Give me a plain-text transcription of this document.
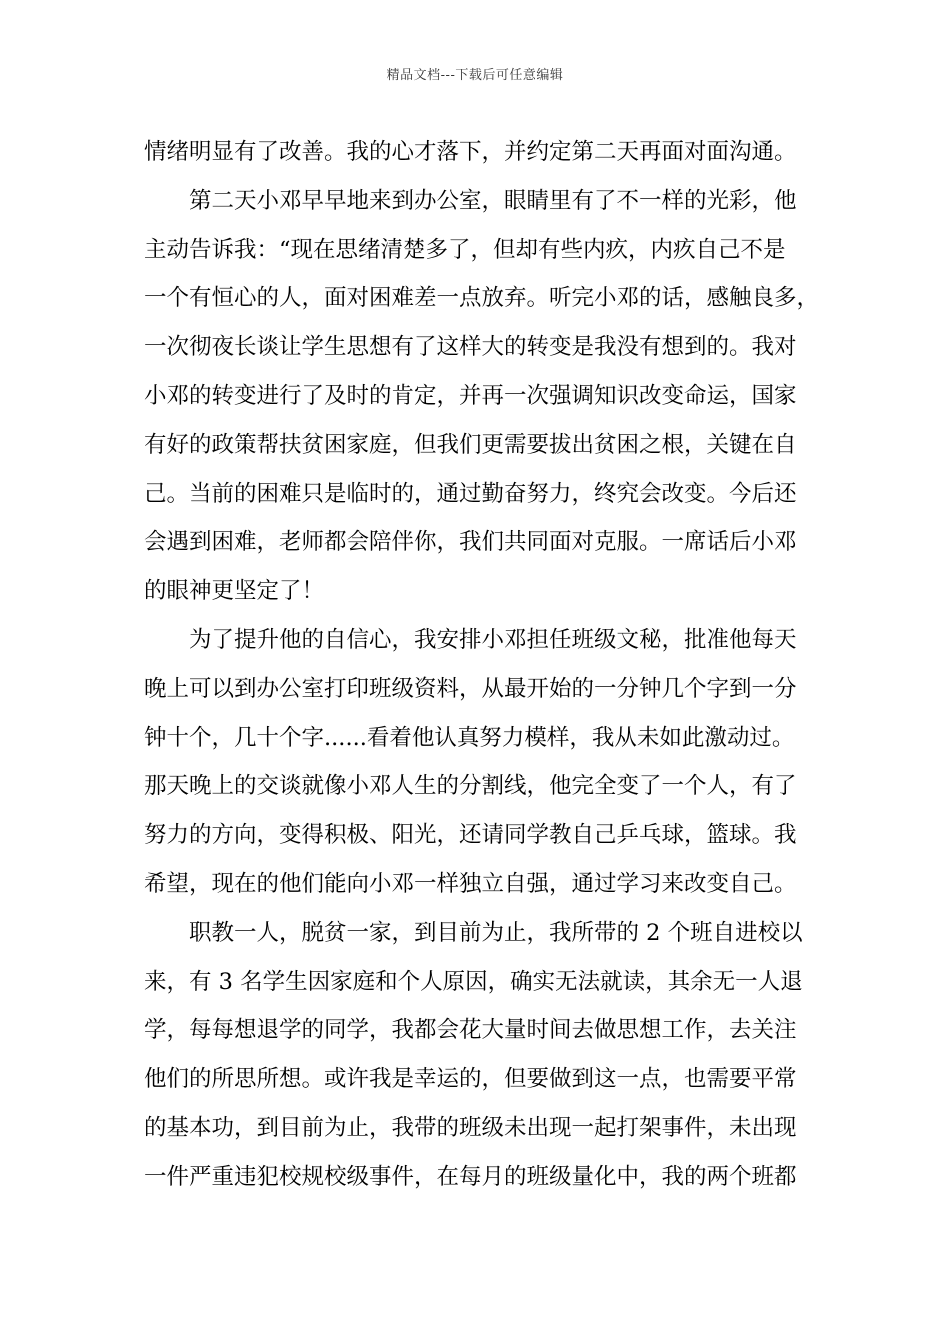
精品文档---下载后可任意编辑
情绪明显有了改善。我的心才落下，并约定第二天再面对面沟通。
第二天小邓早早地来到办公室，眼睛里有了不一样的光彩，他
主动告诉我：“现在思绪清楚多了，但却有些内疚，内疚自己不是
一个有恒心的人，面对困难差一点放弃。听完小邓的话，感触良多，
一次彻夜长谈让学生思想有了这样大的转变是我没有想到的。我对
小邓的转变进行了及时的肯定，并再一次强调知识改变命运，国家
有好的政策帮扶贫困家庭，但我们更需要拔出贫困之根，关键在自
己。当前的困难只是临时的，通过勤奋努力，终究会改变。今后还
会遇到困难，老师都会陪伴你，我们共同面对克服。一席话后小邓
的眼神更坚定了！
为了提升他的自信心，我安排小邓担任班级文秘，批准他每天
晚上可以到办公室打印班级资料，从最开始的一分钟几个字到一分
钟十个，几十个字......看着他认真努力模样，我从未如此激动过。
那天晚上的交谈就像小邓人生的分割线，他完全变了一个人，有了
努力的方向，变得积极、阳光，还请同学教自己乒乓球，篮球。我
希望，现在的他们能向小邓一样独立自强，通过学习来改变自己。
职教一人，脱贫一家，到目前为止，我所带的 2 个班自进校以
来，有 3 名学生因家庭和个人原因，确实无法就读，其余无一人退
学，每每想退学的同学，我都会花大量时间去做思想工作，去关注
他们的所思所想。或许我是幸运的，但要做到这一点，也需要平常
的基本功，到目前为止，我带的班级未出现一起打架事件，未出现
一件严重违犯校规校级事件，在每月的班级量化中，我的两个班都
